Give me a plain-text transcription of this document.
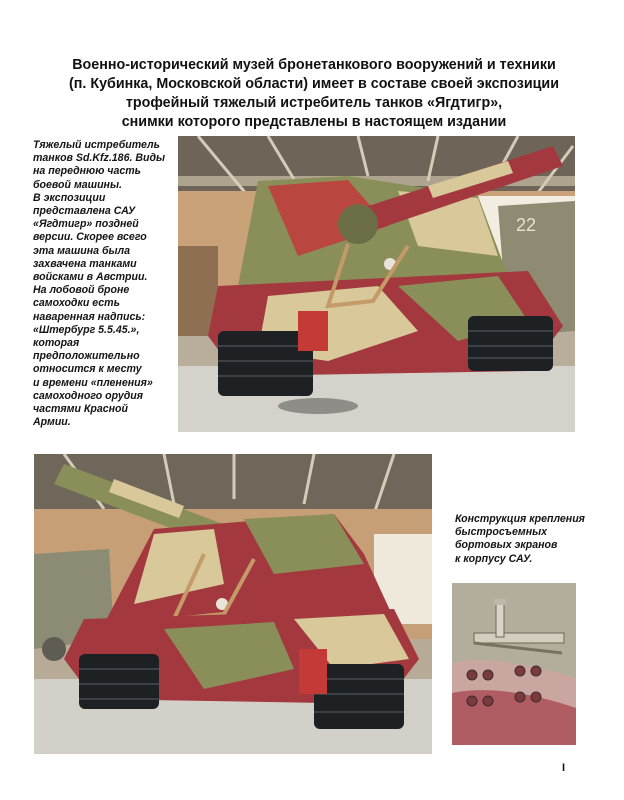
Военно-исторический музей бронетанкового вооружений и техники
(п. Кубинка, Московской области) имеет в составе своей экспозиции
трофейный тяжелый истребитель танков «Ягдтигр»,
снимки которого представлены в настоящем издании
Тяжелый истребитель
танков Sd.Kfz.186. Виды
на переднюю часть
боевой машины.
В экспозиции
представлена САУ
«Ягдтигр» поздней
версии. Скорее всего
эта машина была
захвачена танками
войсками в Австрии.
На лобовой броне
самоходки есть
наваренная надпись:
«Штербург 5.5.45.»,
которая
предположительно
относится к месту
и времени «пленения»
самоходного орудия
частями Красной
Армии.
22
Конструкция крепления
быстросъемных
бортовых экранов
к корпусу САУ.
I
